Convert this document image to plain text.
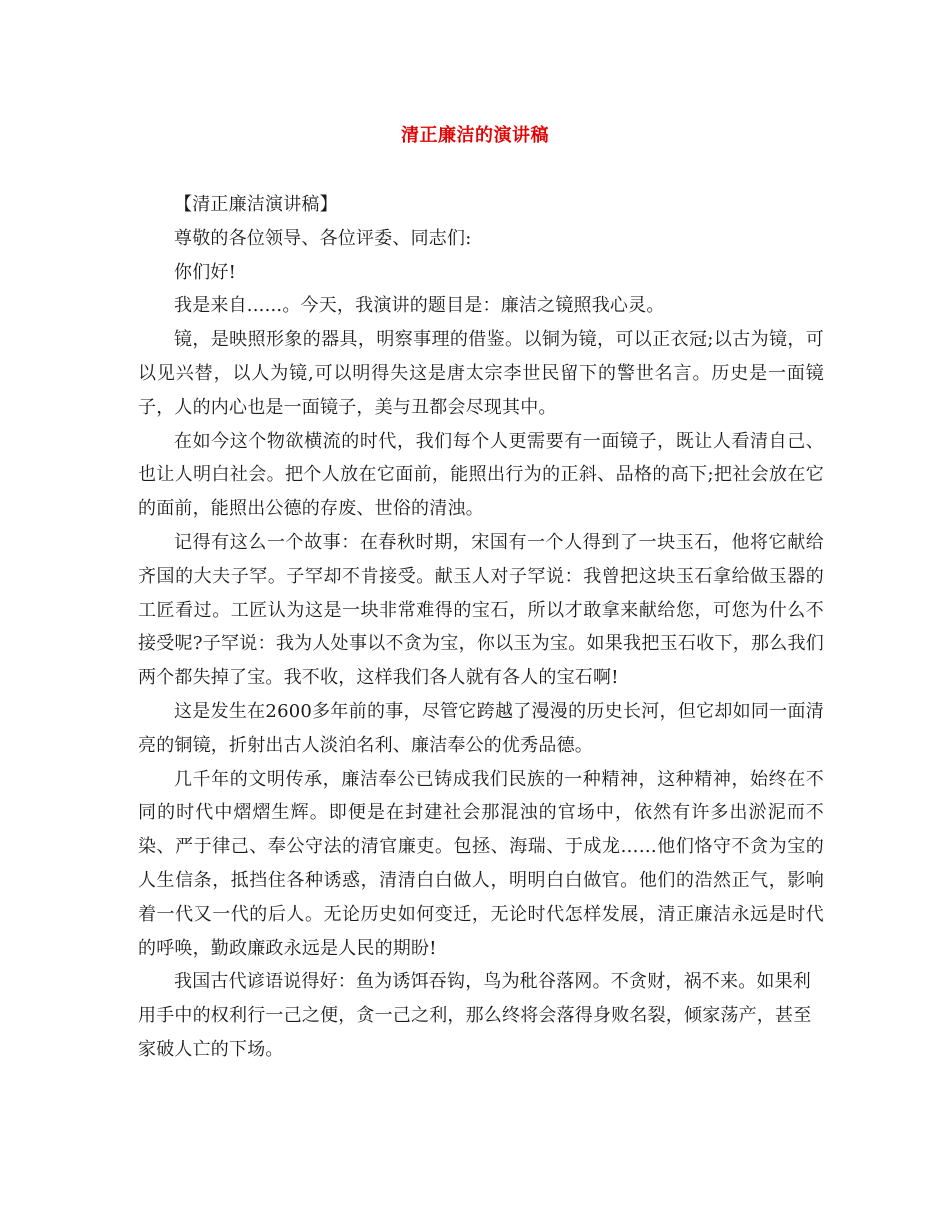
清正廉洁的演讲稿

【清正廉洁演讲稿】

尊敬的各位领导、各位评委、同志们:

你们好!

我是来自......。今天，我演讲的题目是：廉洁之镜照我心灵。

镜，是映照形象的器具，明察事理的借鉴。以铜为镜，可以正衣冠;以古为镜，可以见兴替，以人为镜,可以明得失这是唐太宗李世民留下的警世名言。历史是一面镜子，人的内心也是一面镜子，美与丑都会尽现其中。

在如今这个物欲横流的时代，我们每个人更需要有一面镜子，既让人看清自己、也让人明白社会。把个人放在它面前，能照出行为的正斜、品格的高下;把社会放在它的面前，能照出公德的存废、世俗的清浊。

记得有这么一个故事：在春秋时期，宋国有一个人得到了一块玉石，他将它献给齐国的大夫子罕。子罕却不肯接受。献玉人对子罕说：我曾把这块玉石拿给做玉器的工匠看过。工匠认为这是一块非常难得的宝石，所以才敢拿来献给您，可您为什么不接受呢?子罕说：我为人处事以不贪为宝，你以玉为宝。如果我把玉石收下，那么我们两个都失掉了宝。我不收，这样我们各人就有各人的宝石啊!

这是发生在2600多年前的事，尽管它跨越了漫漫的历史长河，但它却如同一面清亮的铜镜，折射出古人淡泊名利、廉洁奉公的优秀品德。

几千年的文明传承，廉洁奉公已铸成我们民族的一种精神，这种精神，始终在不同的时代中熠熠生辉。即便是在封建社会那混浊的官场中，依然有许多出淤泥而不染、严于律己、奉公守法的清官廉吏。包拯、海瑞、于成龙……他们恪守不贪为宝的人生信条，抵挡住各种诱惑，清清白白做人，明明白白做官。他们的浩然正气，影响着一代又一代的后人。无论历史如何变迁，无论时代怎样发展，清正廉洁永远是时代的呼唤，勤政廉政永远是人民的期盼!

我国古代谚语说得好：鱼为诱饵吞钩，鸟为秕谷落网。不贪财，祸不来。如果利用手中的权利行一己之便，贪一己之利，那么终将会落得身败名裂，倾家荡产，甚至家破人亡的下场。
